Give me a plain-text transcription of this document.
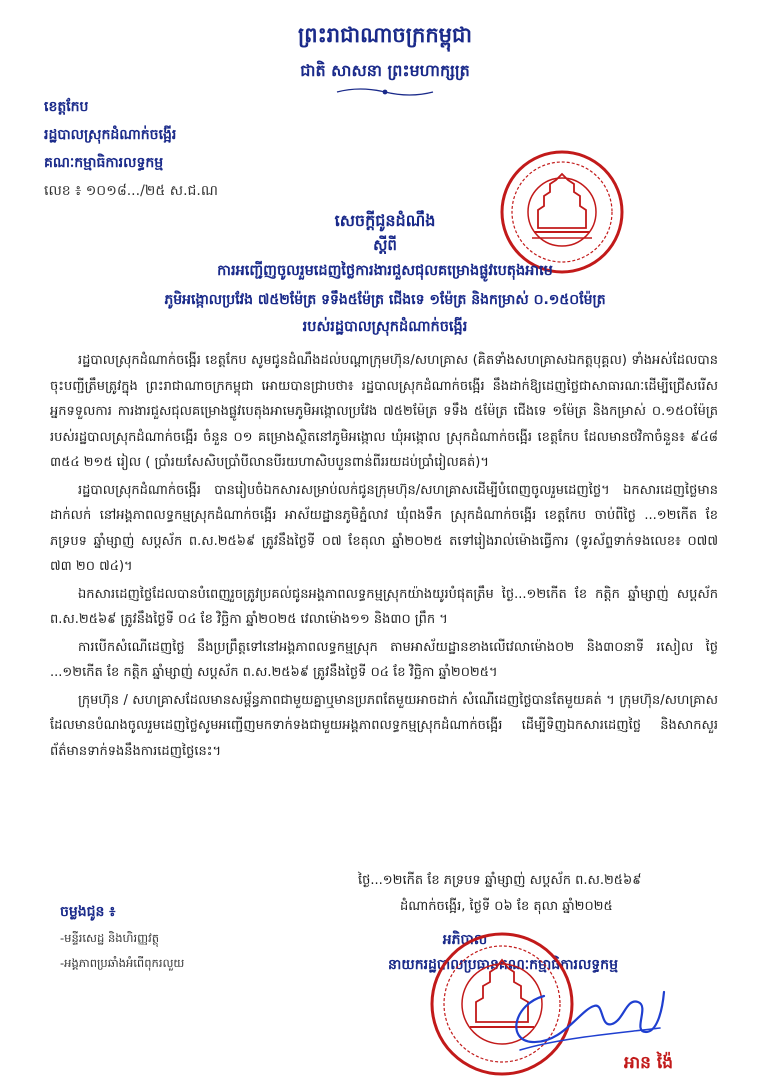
ព្រះរាជាណាចក្រកម្ពុជា
ជាតិ សាសនា ព្រះមហាក្សត្រ
ខេត្តកែប
រដ្ឋបាលស្រុកដំណាក់ចង្អើរ
គណៈកម្មាធិការលទ្ធកម្ម
លេខ ៖ ១០១៨.../២៥ ស.ជ.ណ
សេចក្តីជូនដំណឹង
ស្តីពី
ការអញ្ជើញចូលរួមដេញថ្លៃការងារជួសជុលគម្រោងផ្លូវបេតុងអាមេ
ភូមិអង្កោលប្រវែង ៧៥២ម៉ែត្រ ទទឹង៥ម៉ែត្រ ជើងទេ ១ម៉ែត្រ និងកម្រាស់ ០.១៥០ម៉ែត្រ
របស់រដ្ឋបាលស្រុកដំណាក់ចង្អើរ

រដ្ឋបាលស្រុកដំណាក់ចង្អើរ ខេត្តកែប សូមជូនដំណឹងដល់បណ្តាក្រុមហ៊ុន/សហគ្រាស (គិតទាំងសហគ្រាសឯកត្តបុគ្គល) ទាំងអស់ដែលបានចុះបញ្ជីត្រឹមត្រូវក្នុង ព្រះរាជាណាចក្រកម្ពុជា អោយបានជ្រាបថា៖ រដ្ឋបាលស្រុកដំណាក់ចង្អើរ នឹងដាក់ឱ្យដេញថ្លៃជាសាធារណៈដើម្បីជ្រើសរើសអ្នកទទួលការ ការងារជួសជុលគម្រោងផ្លូវបេតុងអាមេភូមិអង្កោលប្រវែង ៧៥២ម៉ែត្រ ទទឹង ៥ម៉ែត្រ ជើងទេ ១ម៉ែត្រ និងកម្រាស់ ០.១៥០ម៉ែត្រ របស់រដ្ឋបាលស្រុកដំណាក់ចង្អើរ ចំនួន ០១ គម្រោងស្ថិតនៅភូមិអង្កោល ឃុំអង្កោល ស្រុកដំណាក់ចង្អើរ ខេត្តកែប ដែលមានថវិកាចំនួន៖ ៩៤៨ ៣៥៤ ២១៥ រៀល ( ប្រាំរយសែសិបប្រាំបីលានបីរយហាសិបបួនពាន់ពីររយដប់ប្រាំរៀលគត់)។

រដ្ឋបាលស្រុកដំណាក់ចង្អើរ បានរៀបចំឯកសារសម្រាប់លក់ជូនក្រុមហ៊ុន/សហគ្រាសដើម្បីបំពេញចូលរួមដេញថ្លៃ។ ឯកសារដេញថ្លៃមានដាក់លក់ នៅអង្គភាពលទ្ធកម្មស្រុកដំណាក់ចង្អើរ អាស័យដ្ឋានភូមិភ្នំលាវ ឃុំពងទឹក ស្រុកដំណាក់ចង្អើរ ខេត្តកែប ចាប់ពីថ្ងៃ ...១២កើត ខែ ភទ្របទ ឆ្នាំម្សាញ់ សប្តស័ក ព.ស.២៥៦៩ ត្រូវនឹងថ្ងៃទី ០៧ ខែតុលា ឆ្នាំ២០២៥ តទៅរៀងរាល់ម៉ោងធ្វើការ (ទូរស័ព្ទទាក់ទងលេខ៖ ០៧៧ ៧៣ ២០ ៧៤)។

ឯកសារដេញថ្លៃដែលបានបំពេញរួចត្រូវប្រគល់ជូនអង្គភាពលទ្ធកម្មស្រុកយ៉ាងយូរបំផុតត្រឹម ថ្ងៃ...១២កើត ខែ កត្តិក ឆ្នាំម្សាញ់ សប្តស័ក ព.ស.២៥៦៩ ត្រូវនឹងថ្ងៃទី ០៤ ខែ វិច្ឆិកា ឆ្នាំ២០២៥ វេលាម៉ោង១១ និង៣០ ព្រឹក ។

ការបើកសំណើដេញថ្លៃ នឹងប្រព្រឹត្តទៅនៅអង្គភាពលទ្ធកម្មស្រុក តាមអាស័យដ្ឋានខាងលើវេលាម៉ោង០២ និង៣០នាទី រសៀល ថ្ងៃ ...១២កើត ខែ កត្តិក ឆ្នាំម្សាញ់ សប្តស័ក ព.ស.២៥៦៩ ត្រូវនឹងថ្ងៃទី ០៤ ខែ វិច្ឆិកា ឆ្នាំ២០២៥។

ក្រុមហ៊ុន / សហគ្រាសដែលមានសម្ព័ន្ធភាពជាមួយគ្នាឬមានប្រភពតែមួយអាចដាក់ សំណើដេញថ្លៃបានតែមួយគត់ ។ ក្រុមហ៊ុន/សហគ្រាស ដែលមានបំណងចូលរួមដេញថ្លៃសូមអញ្ជើញមកទាក់ទងជាមួយអង្គភាពលទ្ធកម្មស្រុកដំណាក់ចង្អើរ ដើម្បីទិញឯកសារដេញថ្លៃ និងសាកសួរព័ត៌មានទាក់ទងនឹងការដេញថ្លៃនេះ។

ថ្ងៃ...១២កើត ខែ ភទ្របទ ឆ្នាំម្សាញ់ សប្តស័ក ព.ស.២៥៦៩
ដំណាក់ចង្អើរ, ថ្ងៃទី ០៦ ខែ តុលា ឆ្នាំ២០២៥
ចម្លងជូន ៖
-មន្ទីរសេដ្ឋ និងហិរញ្ញវត្ថុ
-អង្គភាពប្រឆាំងអំពើពុករលួយ
អភិបាល
នាយករដ្ឋបាលប្រធានគណៈកម្មាធិការលទ្ធកម្ម
អាន ង៉ៃ
